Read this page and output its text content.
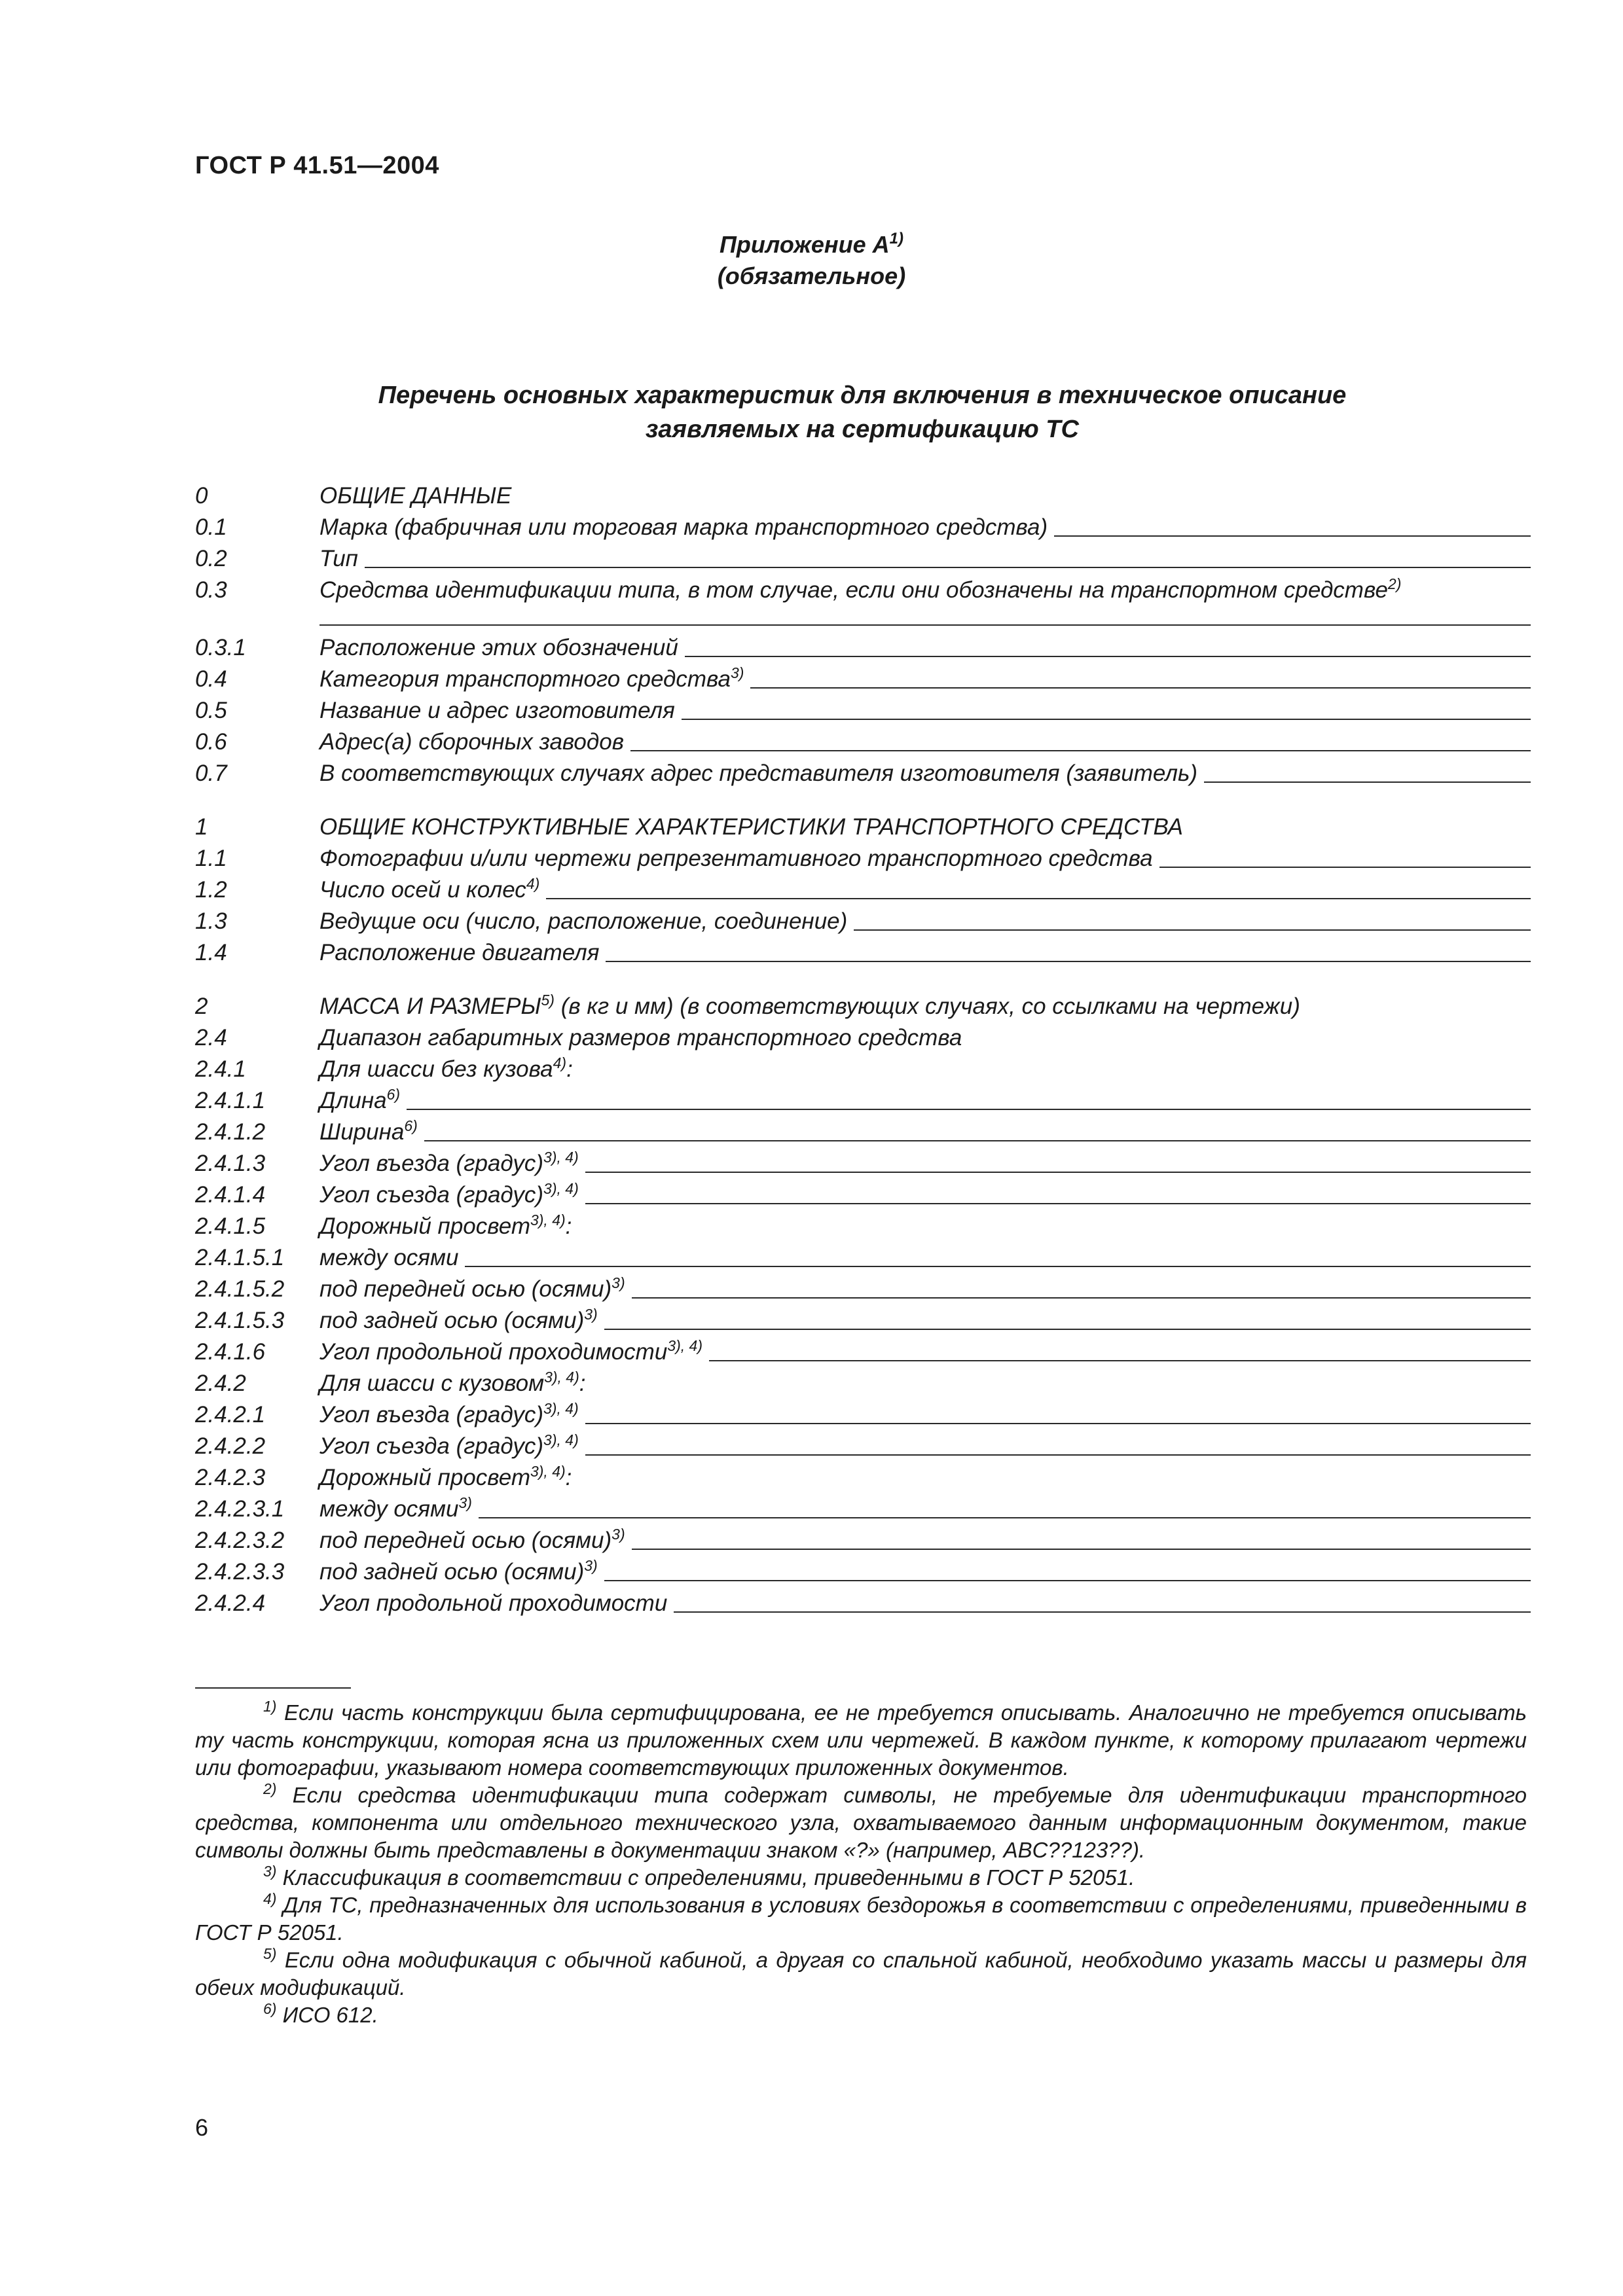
ГОСТ Р 41.51—2004
Приложение $А^{1)}$
(обязательное)
Перечень основных характеристик для включения в техническое описание
заявляемых на сертификацию ТС
0	ОБЩИЕ ДАННЫЕ
0.1	Марка (фабричная или торговая марка транспортного средства)
0.2	Тип
0.3	Средства идентификации типа, в том случае, если они обозначены на транспортном средстве$^{2)}$
0.3.1	Расположение этих обозначений
0.4	Категория транспортного средства$^{3)}$
0.5	Название и адрес изготовителя
0.6	Адрес(а) сборочных заводов
0.7	В соответствующих случаях адрес представителя изготовителя (заявитель)
1	ОБЩИЕ КОНСТРУКТИВНЫЕ ХАРАКТЕРИСТИКИ ТРАНСПОРТНОГО СРЕДСТВА
1.1	Фотографии и/или чертежи репрезентативного транспортного средства
1.2	Число осей и колес$^{4)}$
1.3	Ведущие оси (число, расположение, соединение)
1.4	Расположение двигателя
2	МАССА И РАЗМЕРЫ$^{5)}$ (в кг и мм) (в соответствующих случаях, со ссылками на чертежи)
2.4	Диапазон габаритных размеров транспортного средства
2.4.1	Для шасси без кузова$^{4)}$:
2.4.1.1	Длина$^{6)}$
2.4.1.2	Ширина$^{6)}$
2.4.1.3	Угол въезда (градус)$^{3), 4)}$
2.4.1.4	Угол съезда (градус)$^{3), 4)}$
2.4.1.5	Дорожный просвет$^{3), 4)}$:
2.4.1.5.1	между осями
2.4.1.5.2	под передней осью (осями)$^{3)}$
2.4.1.5.3	под задней осью (осями)$^{3)}$
2.4.1.6	Угол продольной проходимости$^{3), 4)}$
2.4.2	Для шасси с кузовом$^{3), 4)}$:
2.4.2.1	Угол въезда (градус)$^{3), 4)}$
2.4.2.2	Угол съезда (градус)$^{3), 4)}$
2.4.2.3	Дорожный просвет$^{3), 4)}$:
2.4.2.3.1	между осями$^{3)}$
2.4.2.3.2	под передней осью (осями)$^{3)}$
2.4.2.3.3	под задней осью (осями)$^{3)}$
2.4.2.4	Угол продольной проходимости

$^{1)}$ Если часть конструкции была сертифицирована, ее не требуется описывать. Аналогично не требуется описывать ту часть конструкции, которая ясна из приложенных схем или чертежей. В каждом пункте, к которому прилагают чертежи или фотографии, указывают номера соответствующих приложенных документов.

$^{2)}$ Если средства идентификации типа содержат символы, не требуемые для идентификации транспортного средства, компонента или отдельного технического узла, охватываемого данным информационным документом, такие символы должны быть представлены в документации знаком «?» (например, ABC??123??).

$^{3)}$ Классификация в соответствии с определениями, приведенными в ГОСТ Р 52051.

$^{4)}$ Для ТС, предназначенных для использования в условиях бездорожья в соответствии с определениями, приведенными в ГОСТ Р 52051.

$^{5)}$ Если одна модификация с обычной кабиной, а другая со спальной кабиной, необходимо указать массы и размеры для обеих модификаций.

$^{6)}$ ИСО 612.

6
